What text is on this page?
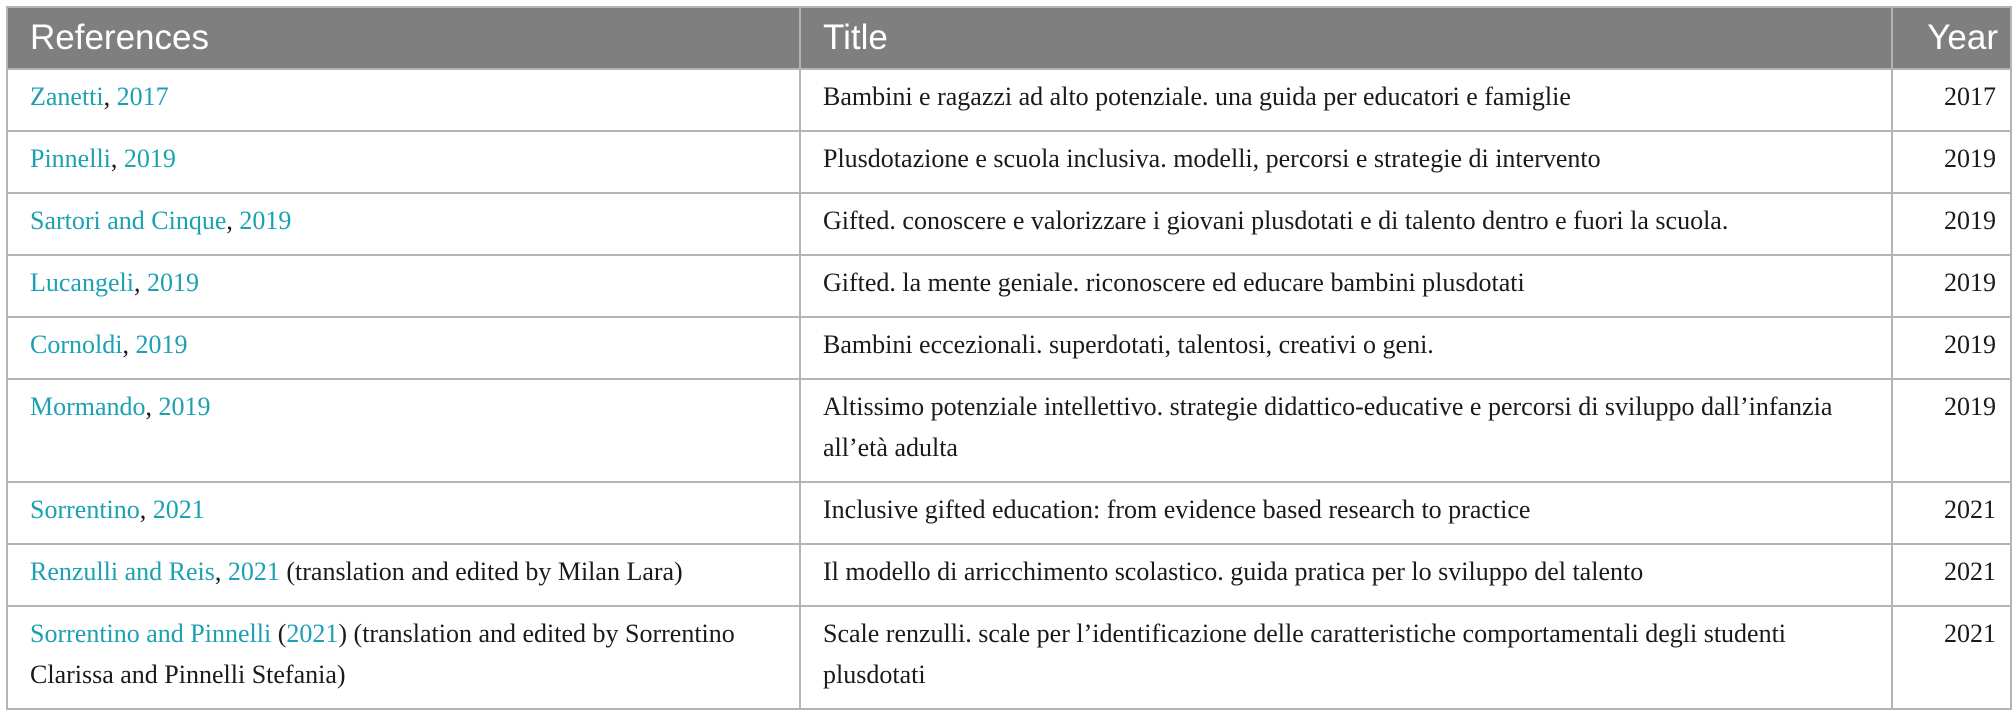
References	Title	Year
Zanetti, 2017	Bambini e ragazzi ad alto potenziale. una guida per educatori e famiglie	2017
Pinnelli, 2019	Plusdotazione e scuola inclusiva. modelli, percorsi e strategie di intervento	2019
Sartori and Cinque, 2019	Gifted. conoscere e valorizzare i giovani plusdotati e di talento dentro e fuori la scuola.	2019
Lucangeli, 2019	Gifted. la mente geniale. riconoscere ed educare bambini plusdotati	2019
Cornoldi, 2019	Bambini eccezionali. superdotati, talentosi, creativi o geni.	2019
Mormando, 2019	Altissimo potenziale intellettivo. strategie didattico-educative e percorsi di sviluppo dall’infanzia all’età adulta	2019
Sorrentino, 2021	Inclusive gifted education: from evidence based research to practice	2021
Renzulli and Reis, 2021 (translation and edited by Milan Lara)	Il modello di arricchimento scolastico. guida pratica per lo sviluppo del talento	2021
Sorrentino and Pinnelli (2021) (translation and edited by Sorrentino Clarissa and Pinnelli Stefania)	Scale renzulli. scale per l’identificazione delle caratteristiche comportamentali degli studenti plusdotati	2021
